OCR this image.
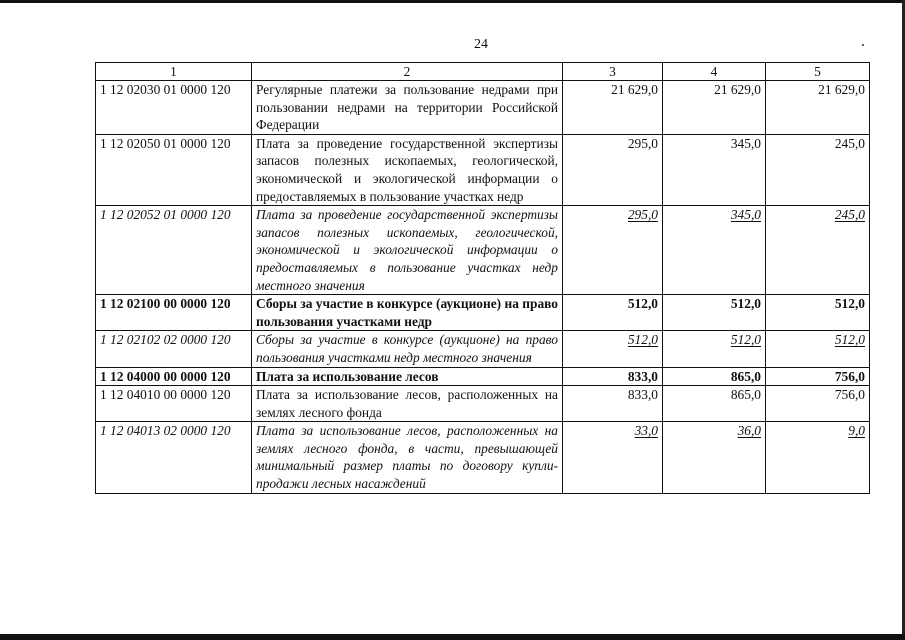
24
1	2	3	4	5
1 12 02030 01 0000 120	Регулярные платежи за пользование недрами при пользовании недрами на территории Российской Федерации	21 629,0	21 629,0	21 629,0
1 12 02050 01 0000 120	Плата за проведение государственной экспертизы запасов полезных ископаемых, геологической, экономической и экологической информации о предоставляемых в пользование участках недр	295,0	345,0	245,0
1 12 02052 01 0000 120	Плата за проведение государственной экспертизы запасов полезных ископаемых, геологической, экономической и экологической информации о предоставляемых в пользование участках недр местного значения	295,0	345,0	245,0
1 12 02100 00 0000 120	Сборы за участие в конкурсе (аукционе) на право пользования участками недр	512,0	512,0	512,0
1 12 02102 02 0000 120	Сборы за участие в конкурсе (аукционе) на право пользования участками недр местного значения	512,0	512,0	512,0
1 12 04000 00 0000 120	Плата за использование лесов	833,0	865,0	756,0
1 12 04010 00 0000 120	Плата за использование лесов, расположенных на землях лесного фонда	833,0	865,0	756,0
1 12 04013 02 0000 120	Плата за использование лесов, расположенных на землях лесного фонда, в части, превышающей минимальный размер платы по договору купли-продажи лесных насаждений	33,0	36,0	9,0
